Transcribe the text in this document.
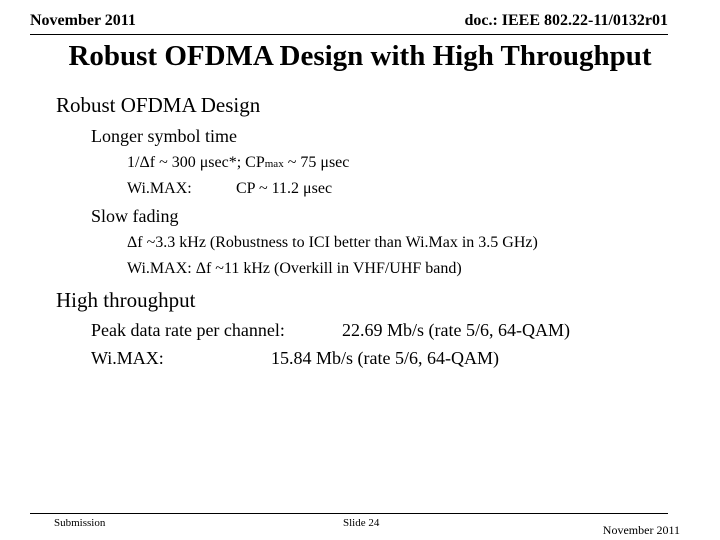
November 2011	doc.: IEEE 802.22-11/0132r01
Robust OFDMA Design with High Throughput
Robust OFDMA Design
Longer symbol time
1/Δf ~ 300 μsec*; CPmax ~ 75 μsec
Wi.MAX:	CP ~ 11.2 μsec
Slow fading
Δf ~3.3 kHz (Robustness to ICI better than Wi.Max in 3.5 GHz)
Wi.MAX: Δf ~11 kHz (Overkill in VHF/UHF band)
High throughput
Peak data rate per channel:	22.69 Mb/s (rate 5/6, 64-QAM)
Wi.MAX:	15.84 Mb/s (rate 5/6, 64-QAM)
Submission	Slide 24	November 2011
